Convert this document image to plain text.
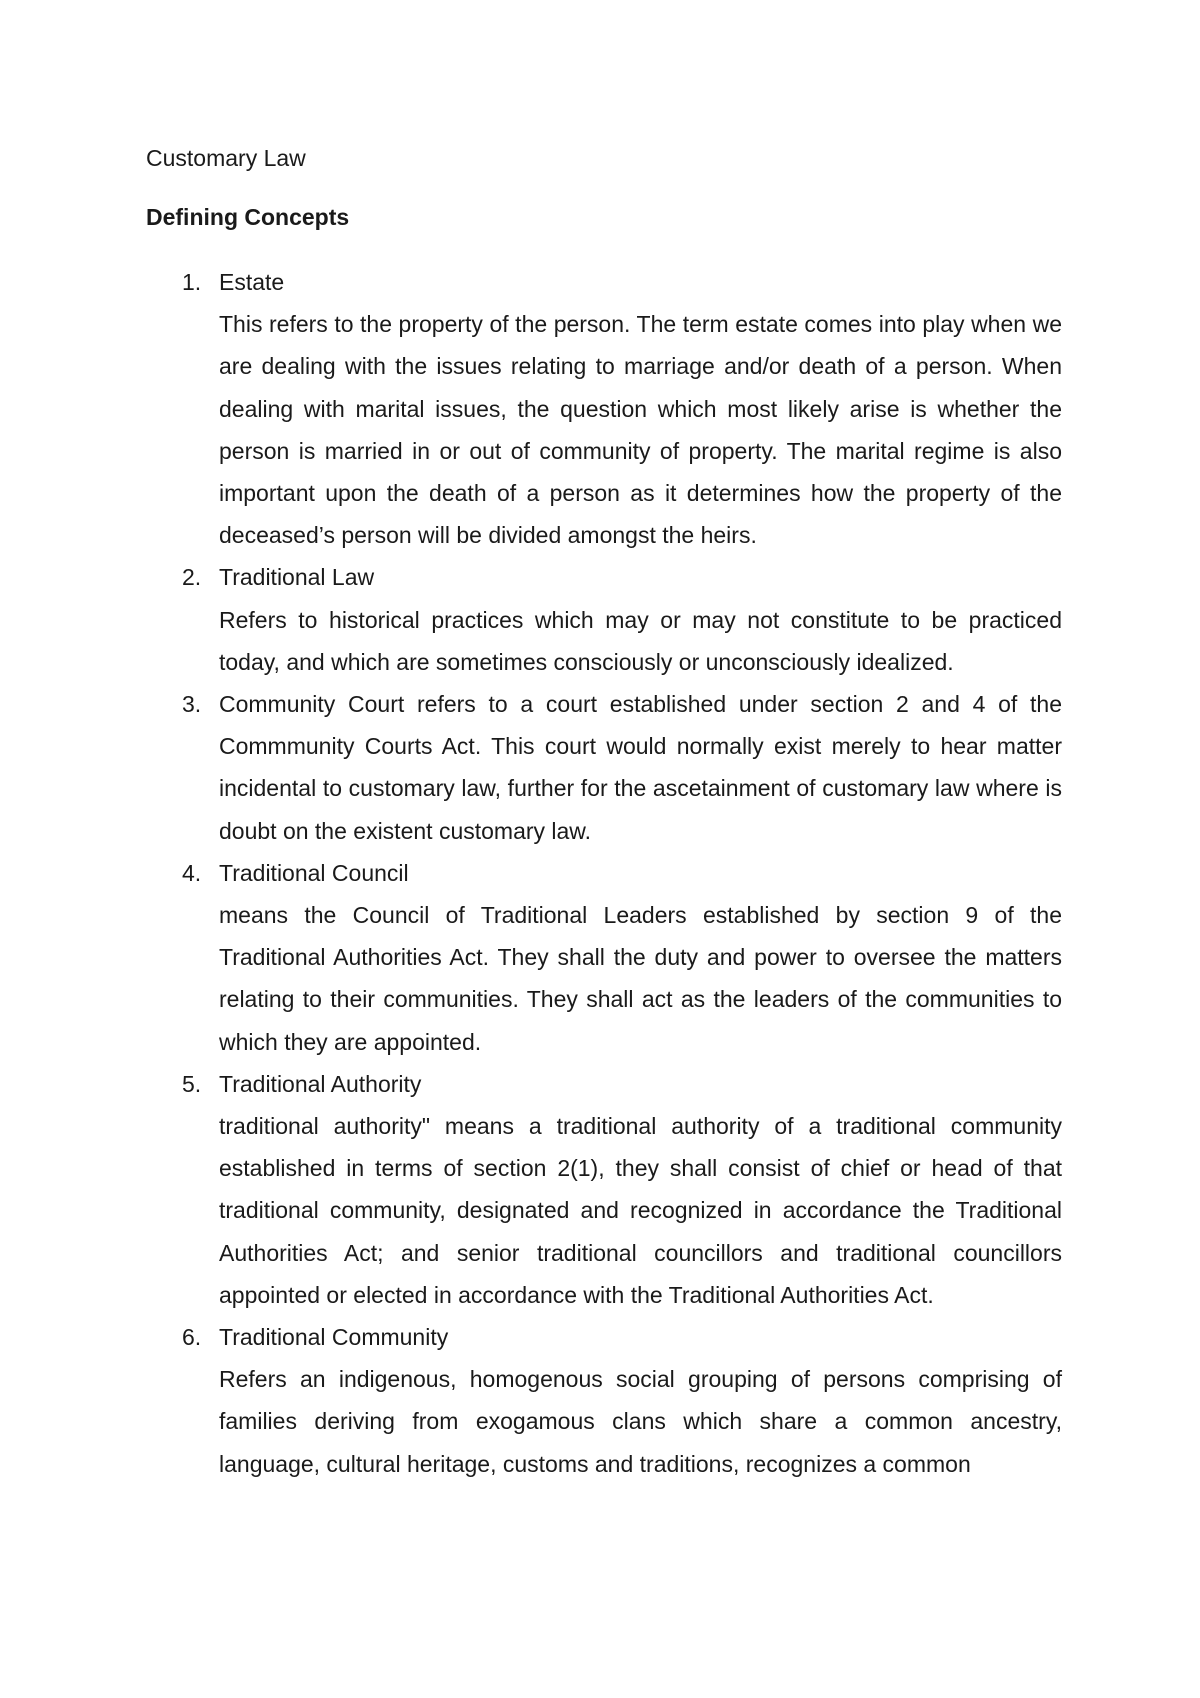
Customary Law
Defining Concepts
1. Estate
This refers to the property of the person. The term estate comes into play when we are dealing with the issues relating to marriage and/or death of a person. When dealing with marital issues, the question which most likely arise is whether the person is married in or out of community of property. The marital regime is also important upon the death of a person as it determines how the property of the deceased’s person will be divided amongst the heirs.
2. Traditional Law
Refers to historical practices which may or may not constitute to be practiced today, and which are sometimes consciously or unconsciously idealized.
3. Community Court refers to a court established under section 2 and 4 of the Commmunity Courts Act. This court would normally exist merely to hear matter incidental to customary law, further for the ascetainment of customary law where is doubt on the existent customary law.
4. Traditional Council
means the Council of Traditional Leaders established by section 9 of the Traditional Authorities Act. They shall the duty and power to oversee the matters relating to their communities. They shall act as the leaders of the communities to which they are appointed.
5. Traditional Authority
traditional authority" means a traditional authority of a traditional community established in terms of section 2(1), they shall consist of chief or head of that traditional community, designated and recognized in accordance the Traditional Authorities Act; and senior traditional councillors and traditional councillors appointed or elected in accordance with the Traditional Authorities Act.
6. Traditional Community
Refers an indigenous, homogenous social grouping of persons comprising of families deriving from exogamous clans which share a common ancestry, language, cultural heritage, customs and traditions, recognizes a common
